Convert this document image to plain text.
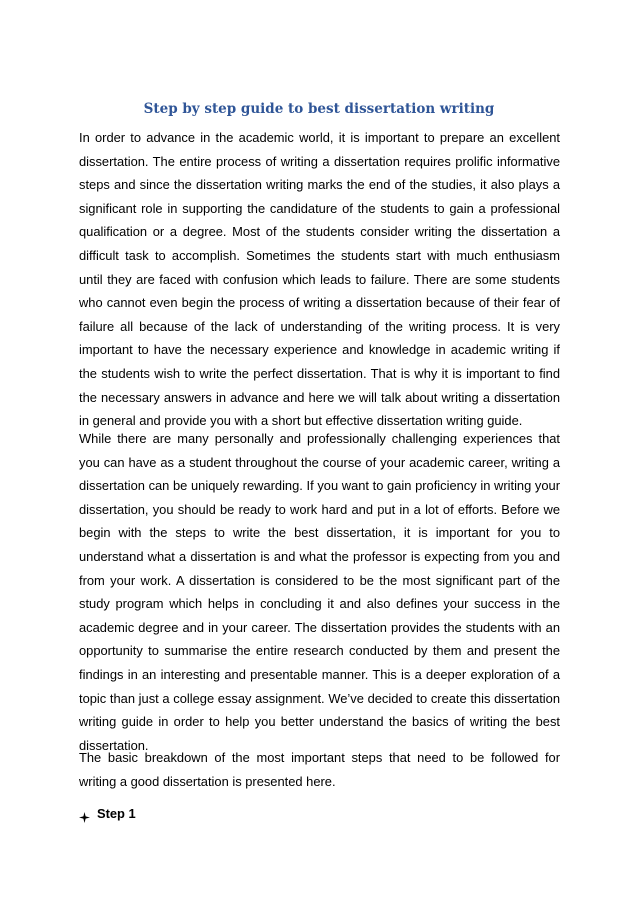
Step by step guide to best dissertation writing

In order to advance in the academic world, it is important to prepare an excellent dissertation. The entire process of writing a dissertation requires prolific informative steps and since the dissertation writing marks the end of the studies, it also plays a significant role in supporting the candidature of the students to gain a professional qualification or a degree. Most of the students consider writing the dissertation a difficult task to accomplish. Sometimes the students start with much enthusiasm until they are faced with confusion which leads to failure. There are some students who cannot even begin the process of writing a dissertation because of their fear of failure all because of the lack of understanding of the writing process. It is very important to have the necessary experience and knowledge in academic writing if the students wish to write the perfect dissertation. That is why it is important to find the necessary answers in advance and here we will talk about writing a dissertation in general and provide you with a short but effective dissertation writing guide.

While there are many personally and professionally challenging experiences that you can have as a student throughout the course of your academic career, writing a dissertation can be uniquely rewarding. If you want to gain proficiency in writing your dissertation, you should be ready to work hard and put in a lot of efforts. Before we begin with the steps to write the best dissertation, it is important for you to understand what a dissertation is and what the professor is expecting from you and from your work. A dissertation is considered to be the most significant part of the study program which helps in concluding it and also defines your success in the academic degree and in your career. The dissertation provides the students with an opportunity to summarise the entire research conducted by them and present the findings in an interesting and presentable manner. This is a deeper exploration of a topic than just a college essay assignment. We’ve decided to create this dissertation writing guide in order to help you better understand the basics of writing the best dissertation.

The basic breakdown of the most important steps that need to be followed for writing a good dissertation is presented here.

Step 1
